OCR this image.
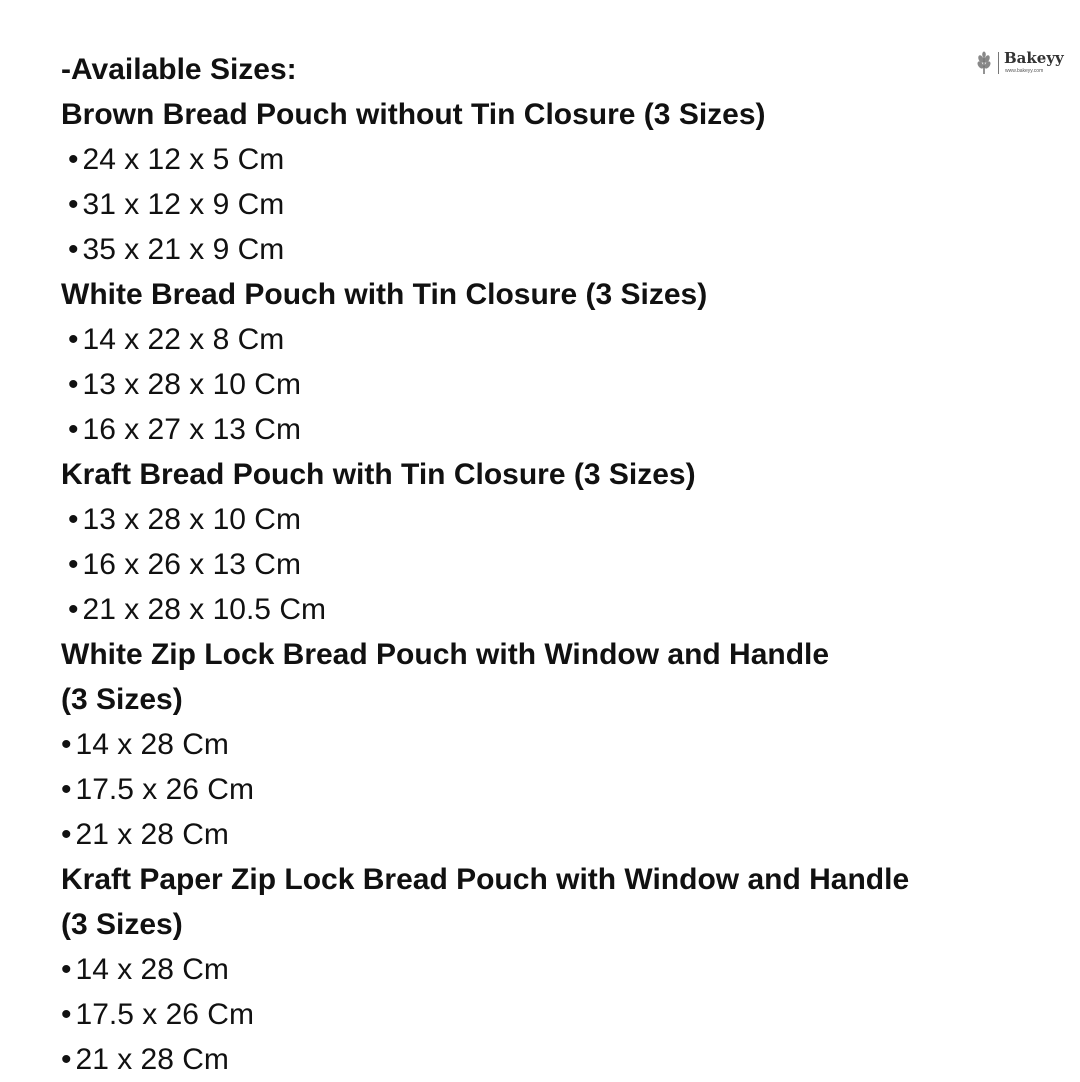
Bakeyy
www.bakeyy.com
-Available Sizes:
Brown Bread Pouch without Tin Closure (3 Sizes)
• 24 x 12 x 5 Cm
• 31 x 12 x 9 Cm
• 35 x 21 x 9 Cm
White Bread Pouch with Tin Closure (3 Sizes)
• 14 x 22 x 8 Cm
• 13 x 28 x 10 Cm
• 16 x 27 x 13 Cm
Kraft Bread Pouch with Tin Closure (3 Sizes)
• 13 x 28 x 10 Cm
• 16 x 26 x 13 Cm
• 21 x 28 x 10.5 Cm
White Zip Lock Bread Pouch with Window and Handle
(3 Sizes)
• 14 x 28 Cm
• 17.5 x 26 Cm
• 21 x 28 Cm
Kraft Paper Zip Lock Bread Pouch with Window and Handle
(3 Sizes)
• 14 x 28 Cm
• 17.5 x 26 Cm
• 21 x 28 Cm
